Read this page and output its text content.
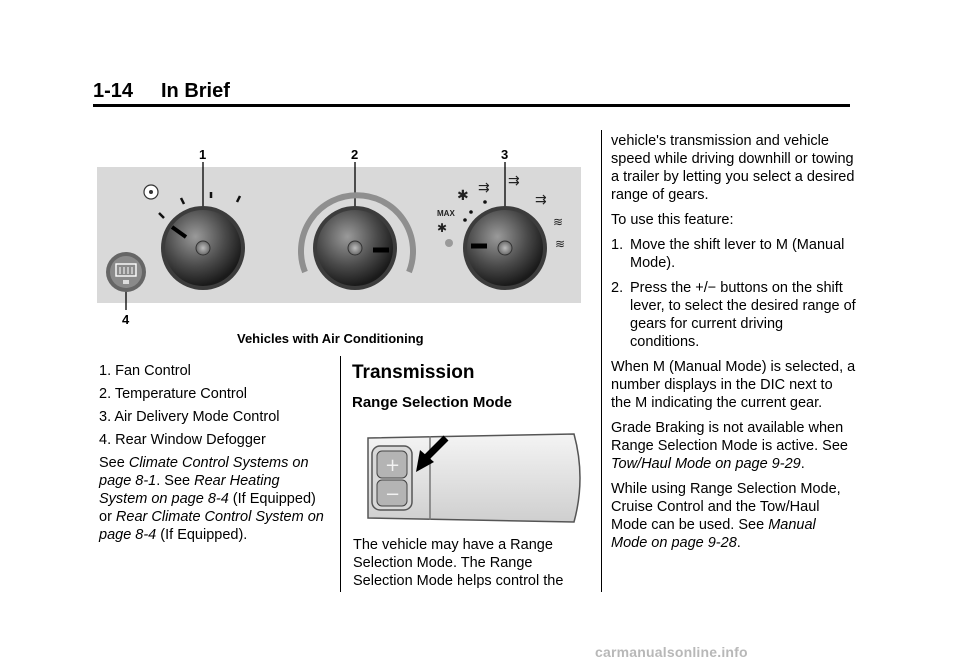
1-14 In Brief
✱
MAX
✱
⇉ ⇉
⇉
≋
≋
1	2	3
4
Vehicles with Air Conditioning
1. Fan Control
2. Temperature Control
3. Air Delivery Mode Control
4. Rear Window Defogger
See Climate Control Systems on page 8‑1. See Rear Heating System on page 8‑4 (If Equipped) or Rear Climate Control System on page 8‑4 (If Equipped).
Transmission
Range Selection Mode
+
−
The vehicle may have a Range Selection Mode. The Range Selection Mode helps control the

vehicle's transmission and vehicle speed while driving downhill or towing a trailer by letting you select a desired range of gears.

To use this feature:

1. Move the shift lever to M (Manual Mode).
2. Press the +/− buttons on the shift lever, to select the desired range of gears for current driving conditions.

When M (Manual Mode) is selected, a number displays in the DIC next to the M indicating the current gear.

Grade Braking is not available when Range Selection Mode is active. See Tow/Haul Mode on page 9‑29.

While using Range Selection Mode, Cruise Control and the Tow/Haul Mode can be used. See Manual Mode on page 9‑28.

carmanualsonline.info
